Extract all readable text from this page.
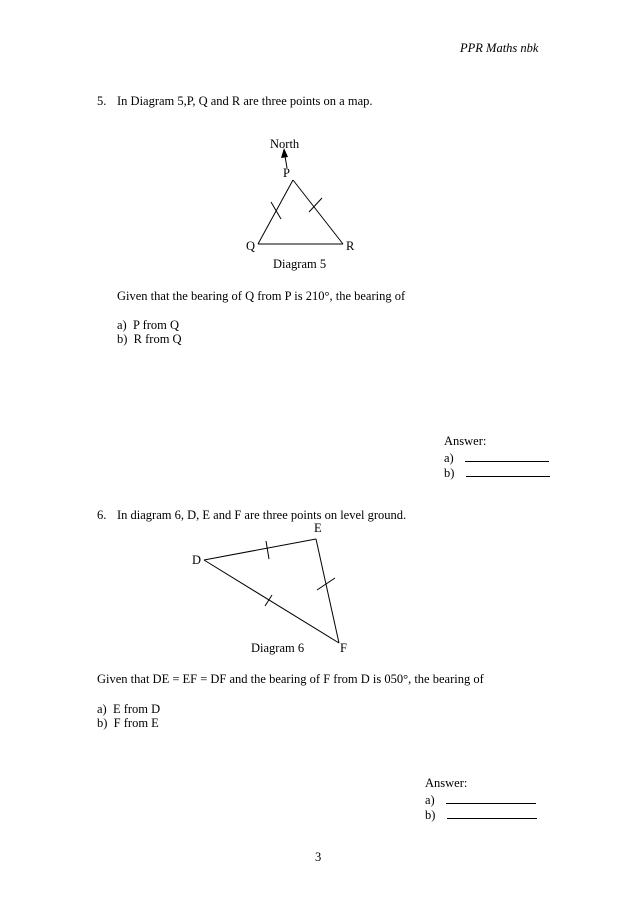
PPR Maths nbk
5. In Diagram 5,P, Q and R are three points on a map.
North
P
Q	R
Diagram 5
D
E
F
Diagram 6
Given that the bearing of Q from P is 210°, the bearing of
a) P from Q
b) R from Q
Answer:
a)
b)
6. In diagram 6, D, E and F are three points on level ground.
Given that DE = EF = DF and the bearing of F from D is 050°, the bearing of
a) E from D
b) F from E
Answer:
a)
b)
3
